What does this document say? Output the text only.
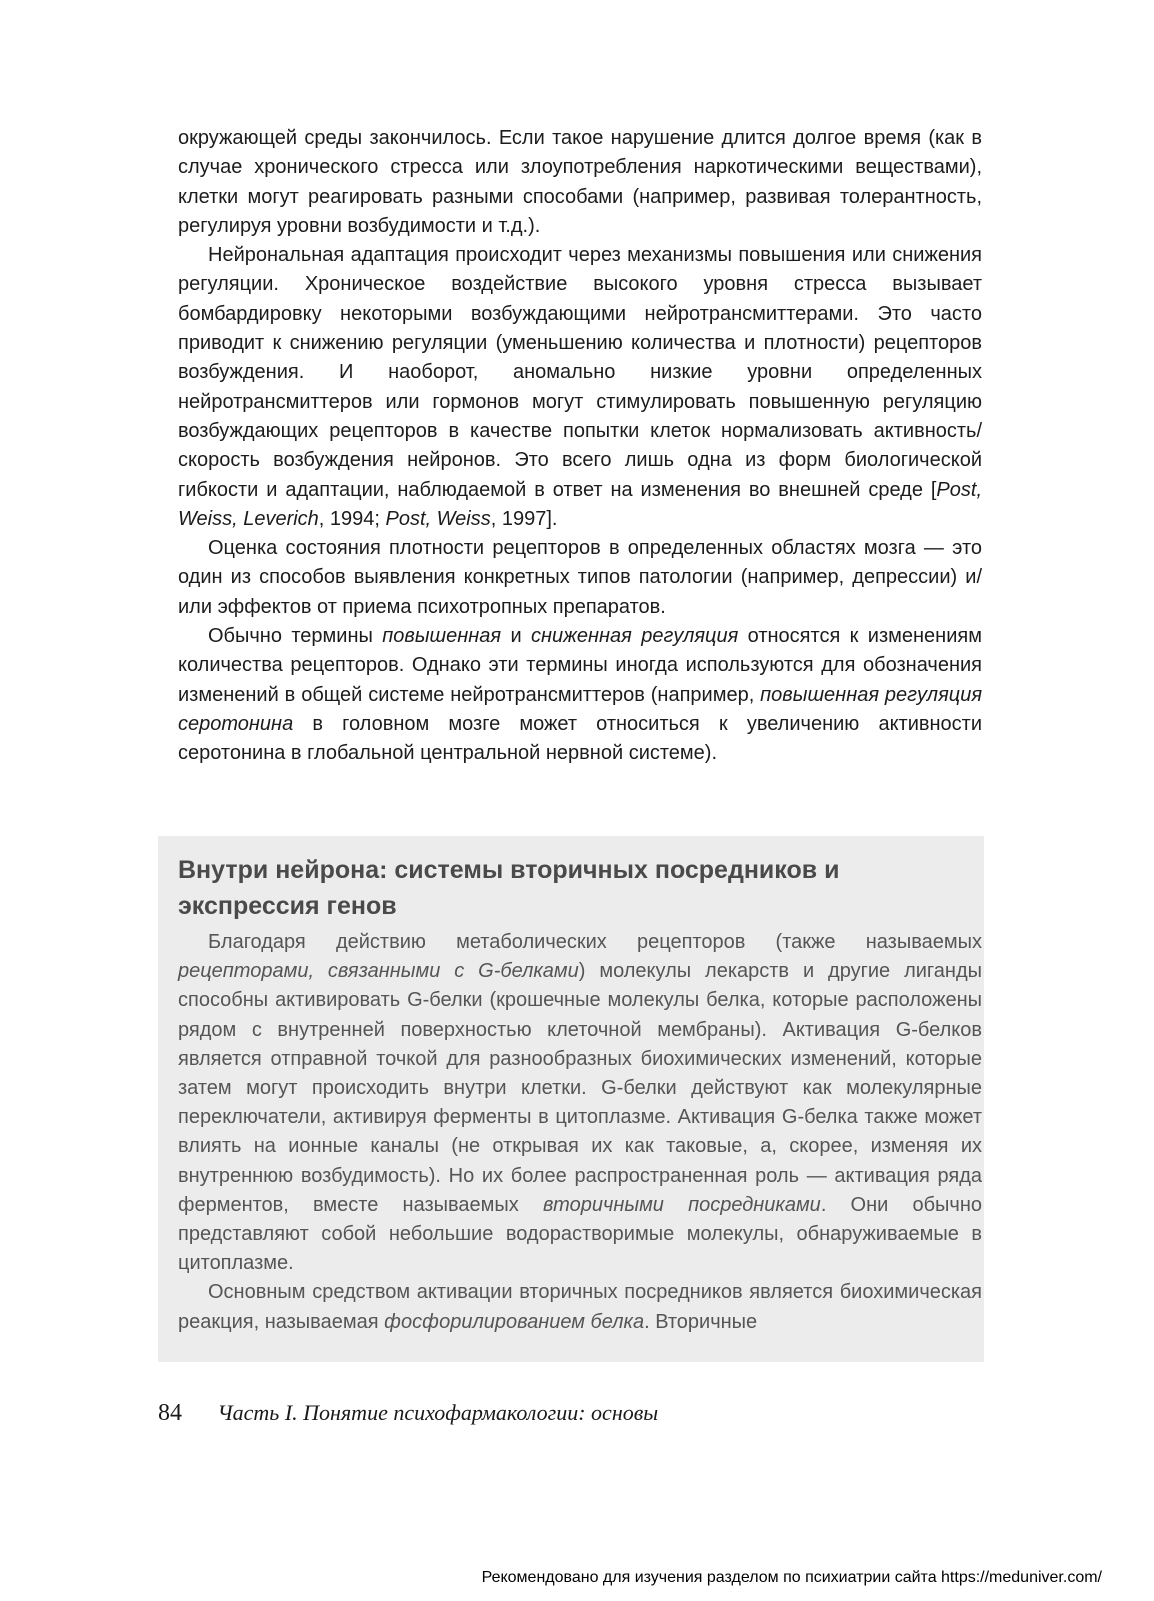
окружающей среды закончилось. Если такое нарушение длится долгое время (как в случае хронического стресса или злоупотребления наркотическими веществами), клетки могут реагировать разными способами (например, развивая толерантность, регулируя уровни возбудимости и т.д.).

Нейрональная адаптация происходит через механизмы повышения или снижения регуляции. Хроническое воздействие высокого уровня стресса вызывает бомбардировку некоторыми возбуждающими нейротрансмиттерами. Это часто приводит к снижению регуляции (уменьшению количества и плотности) рецепторов возбуждения. И наоборот, аномально низкие уровни определенных нейротрансмиттеров или гормонов могут стимулировать повышенную регуляцию возбуждающих рецепторов в качестве попытки клеток нормализовать активность/скорость возбуждения нейронов. Это всего лишь одна из форм биологической гибкости и адаптации, наблюдаемой в ответ на изменения во внешней среде [Post, Weiss, Leverich, 1994; Post, Weiss, 1997].

Оценка состояния плотности рецепторов в определенных областях мозга — это один из способов выявления конкретных типов патологии (например, депрессии) и/или эффектов от приема психотропных препаратов.

Обычно термины повышенная и сниженная регуляция относятся к изменениям количества рецепторов. Однако эти термины иногда используются для обозначения изменений в общей системе нейротрансмиттеров (например, повышенная регуляция серотонина в головном мозге может относиться к увеличению активности серотонина в глобальной центральной нервной системе).

Внутри нейрона: системы вторичных посредников и экспрессия генов

Благодаря действию метаболических рецепторов (также называемых рецепторами, связанными с G-белками) молекулы лекарств и другие лиганды способны активировать G-белки (крошечные молекулы белка, которые расположены рядом с внутренней поверхностью клеточной мембраны). Активация G-белков является отправной точкой для разнообразных биохимических изменений, которые затем могут происходить внутри клетки. G-белки действуют как молекулярные переключатели, активируя ферменты в цитоплазме. Активация G-белка также может влиять на ионные каналы (не открывая их как таковые, а, скорее, изменяя их внутреннюю возбудимость). Но их более распространенная роль — активация ряда ферментов, вместе называемых вторичными посредниками. Они обычно представляют собой небольшие водорастворимые молекулы, обнаруживаемые в цитоплазме.

Основным средством активации вторичных посредников является биохимическая реакция, называемая фосфорилированием белка. Вторичные

84 Часть I. Понятие психофармакологии: основы
Рекомендовано для изучения разделом по психиатрии сайта https://meduniver.com/
